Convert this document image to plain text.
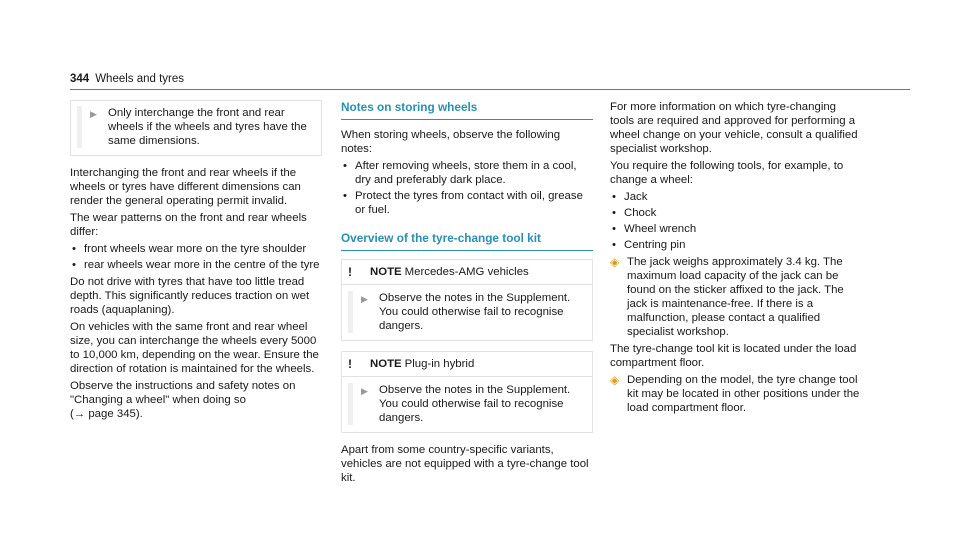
344 Wheels and tyres
▶ Only interchange the front and rear wheels if the wheels and tyres have the same dimensions.

Interchanging the front and rear wheels if the wheels or tyres have different dimensions can render the general operating permit invalid.

The wear patterns on the front and rear wheels differ:

• front wheels wear more on the tyre shoulder
• rear wheels wear more in the centre of the tyre

Do not drive with tyres that have too little tread depth. This significantly reduces traction on wet roads (aquaplaning).

On vehicles with the same front and rear wheel size, you can interchange the wheels every 5000 to 10,000 km, depending on the wear. Ensure the direction of rotation is maintained for the wheels.

Observe the instructions and safety notes on "Changing a wheel" when doing so
(→ page 345).

Notes on storing wheels

When storing wheels, observe the following notes:

• After removing wheels, store them in a cool, dry and preferably dark place.
• Protect the tyres from contact with oil, grease or fuel.
Overview of the tyre-change tool kit
!	NOTE Mercedes-AMG vehicles
▶ Observe the notes in the Supplement. You could otherwise fail to recognise dangers.
!	NOTE Plug-in hybrid
▶ Observe the notes in the Supplement. You could otherwise fail to recognise dangers.

Apart from some country-specific variants, vehicles are not equipped with a tyre-change tool kit.

For more information on which tyre-changing tools are required and approved for performing a wheel change on your vehicle, consult a qualified specialist workshop.

You require the following tools, for example, to change a wheel:

• Jack
• Chock
• Wheel wrench
• Centring pin
◈ The jack weighs approximately 3.4 kg. The maximum load capacity of the jack can be found on the sticker affixed to the jack. The jack is maintenance-free. If there is a malfunction, please contact a qualified specialist workshop.

The tyre-change tool kit is located under the load compartment floor.

◈ Depending on the model, the tyre change tool kit may be located in other positions under the load compartment floor.
